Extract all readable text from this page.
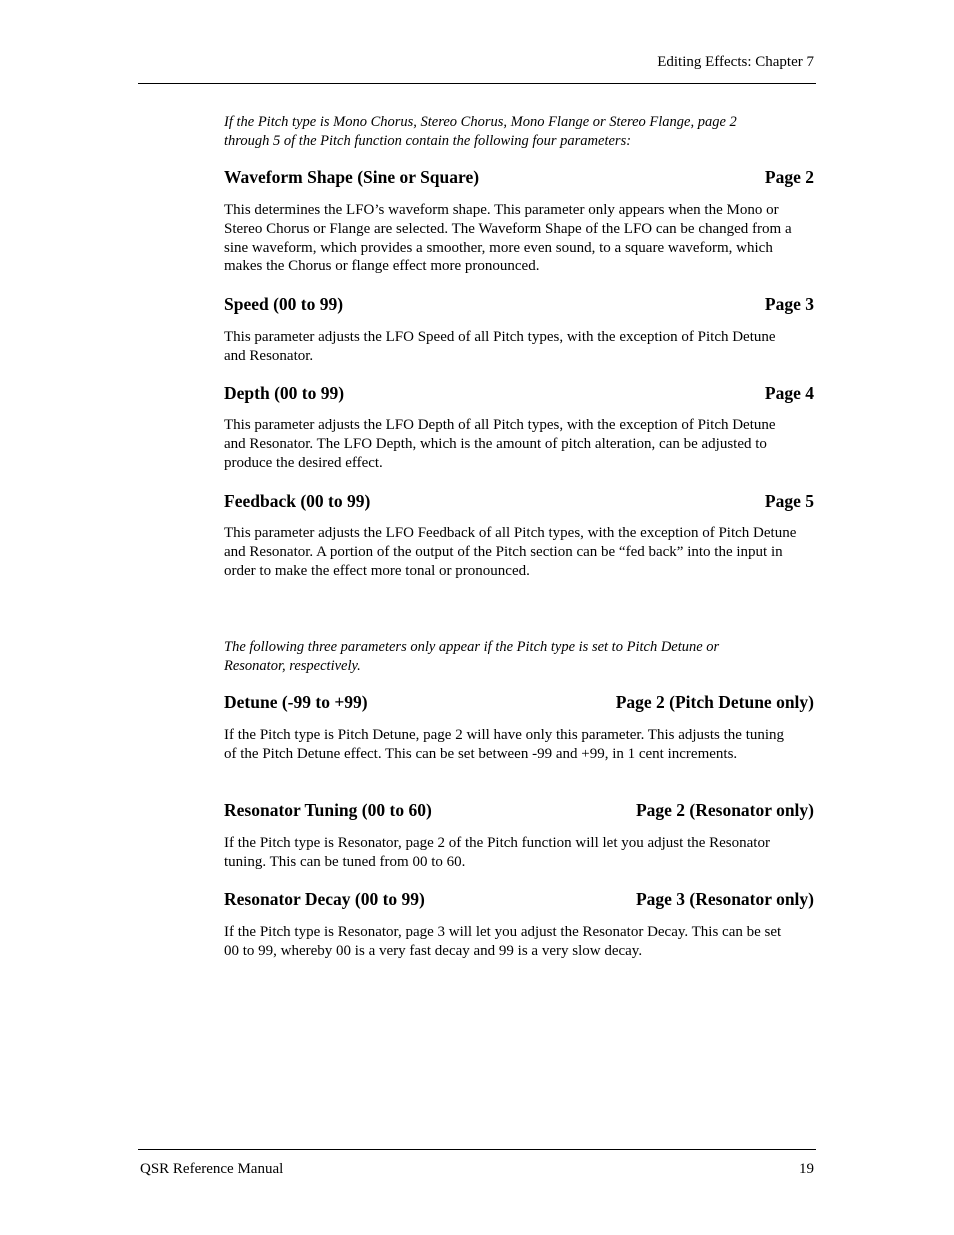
Editing Effects: Chapter 7
If the Pitch type is Mono Chorus, Stereo Chorus, Mono Flange or Stereo Flange, page 2 through 5 of the Pitch function contain the following four parameters:
Waveform Shape (Sine or Square)	Page 2
This determines the LFO’s waveform shape. This parameter only appears when the Mono or Stereo Chorus or Flange are selected. The Waveform Shape of the LFO can be changed from a sine waveform, which provides a smoother, more even sound, to a square waveform, which makes the Chorus or flange effect more pronounced.
Speed (00 to 99)	Page 3
This parameter adjusts the LFO Speed of all Pitch types, with the exception of Pitch Detune and Resonator.
Depth (00 to 99)	Page 4
This parameter adjusts the LFO Depth of all Pitch types, with the exception of Pitch Detune and Resonator. The LFO Depth, which is the amount of pitch alteration, can be adjusted to produce the desired effect.
Feedback (00 to 99)	Page 5
This parameter adjusts the LFO Feedback of all Pitch types, with the exception of Pitch Detune and Resonator. A portion of the output of the Pitch section can be “fed back” into the input in order to make the effect more tonal or pronounced.
The following three parameters only appear if the Pitch type is set to Pitch Detune or Resonator, respectively.
Detune (-99 to +99)	Page 2 (Pitch Detune only)
If the Pitch type is Pitch Detune, page 2 will have only this parameter. This adjusts the tuning of the Pitch Detune effect. This can be set between -99 and +99, in 1 cent increments.
Resonator Tuning (00 to 60)	Page 2 (Resonator only)
If the Pitch type is Resonator, page 2 of the Pitch function will let you adjust the Resonator tuning. This can be tuned from 00 to 60.
Resonator Decay (00 to 99)	Page 3 (Resonator only)
If the Pitch type is Resonator, page 3 will let you adjust the Resonator Decay. This can be set 00 to 99, whereby 00 is a very fast decay and 99 is a very slow decay.
QSR Reference Manual	19
